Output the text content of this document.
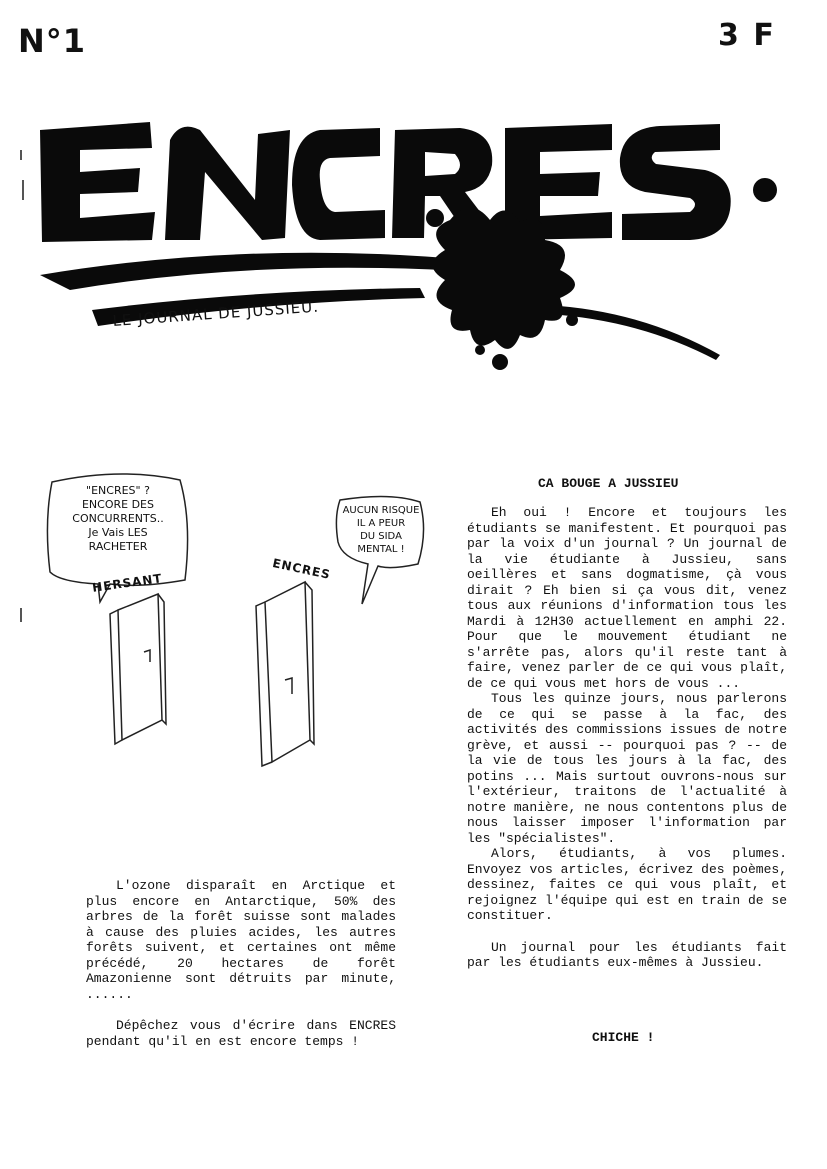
N°1	3 F
LE JOURNAL DE JUSSIEU.
"ENCRES" ?
ENCORE DES
CONCURRENTS..
Je Vais LES
RACHETER
HERSANT
AUCUN RISQUE
IL A PEUR
DU SIDA
MENTAL !
ENCRES
CA BOUGE A JUSSIEU

Eh oui ! Encore et toujours les étudiants se manifestent. Et pourquoi pas par la voix d'un journal ? Un journal de la vie étudiante à Jussieu, sans oeillères et sans dogmatisme, çà vous dirait ? Eh bien si ça vous dit, venez tous aux réunions d'information tous les Mardi à 12H30 actuellement en amphi 22. Pour que le mouvement étudiant ne s'arrête pas, alors qu'il reste tant à faire, venez parler de ce qui vous plaît, de ce qui vous met hors de vous ...

Tous les quinze jours, nous parlerons de ce qui se passe à la fac, des activités des commissions issues de notre grève, et aussi -- pourquoi pas ? -- de la vie de tous les jours à la fac, des potins ... Mais surtout ouvrons-nous sur l'extérieur, traitons de l'actualité à notre manière, ne nous contentons plus de nous laisser imposer l'information par les "spécialistes".

Alors, étudiants, à vos plumes. Envoyez vos articles, écrivez des poèmes, dessinez, faites ce qui vous plaît, et rejoignez l'équipe qui est en train de se constituer.

Un journal pour les étudiants fait par les étudiants eux-mêmes à Jussieu.

CHICHE !

L'ozone disparaît en Arctique et plus encore en Antarctique, 50% des arbres de la forêt suisse sont malades à cause des pluies acides, les autres forêts suivent, et certaines ont même précédé, 20 hectares de forêt Amazonienne sont détruits par minute, ......

Dépêchez vous d'écrire dans ENCRES pendant qu'il en est encore temps !
